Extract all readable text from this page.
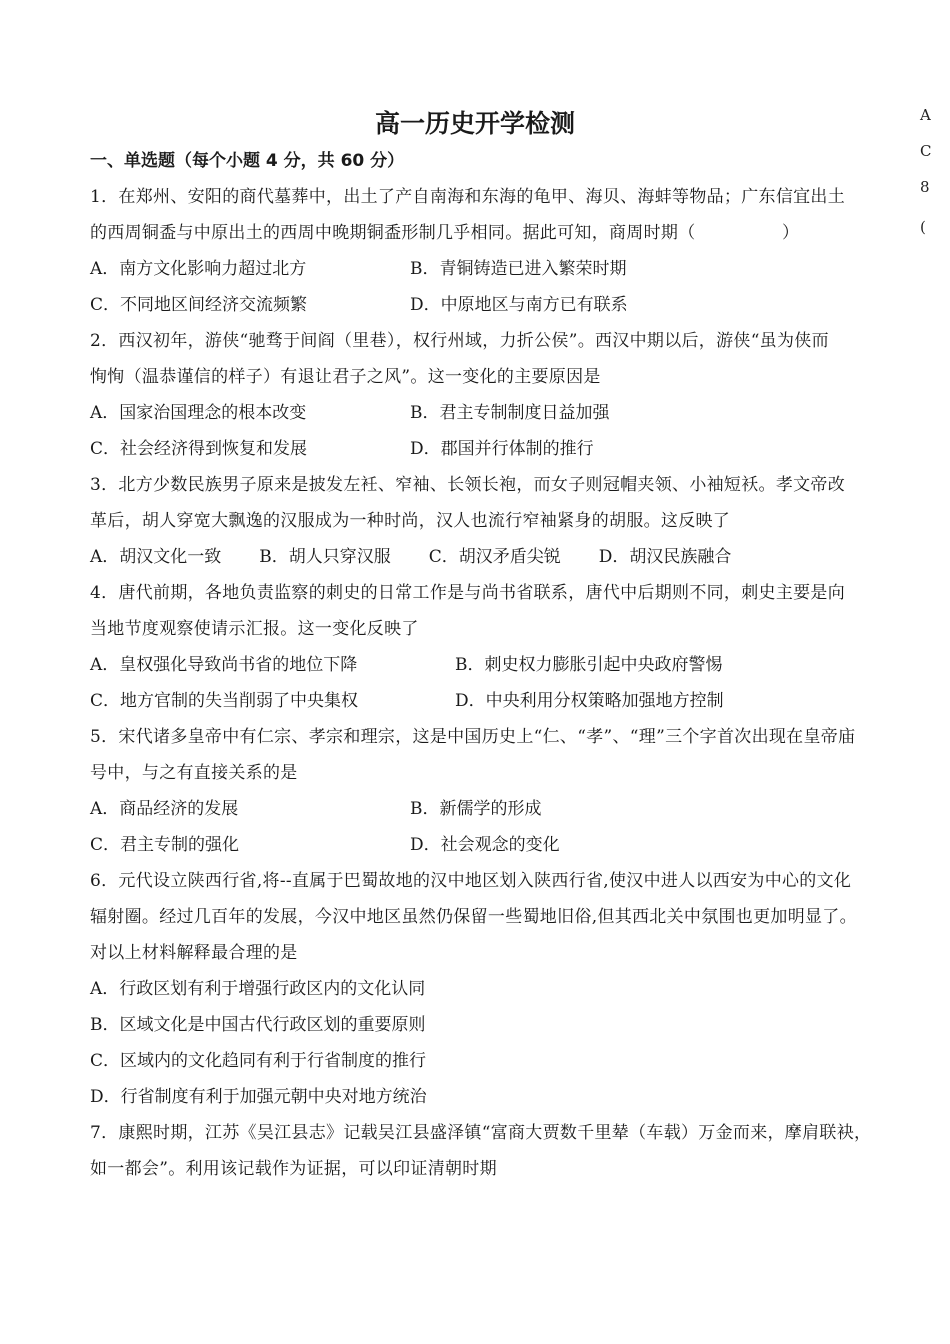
高一历史开学检测	A
C
8
(
一、单选题（每个小题 4 分，共 60 分）
1．在郑州、安阳的商代墓葬中，出土了产自南海和东海的龟甲、海贝、海蚌等物品；广东信宜出土
的西周铜盉与中原出土的西周中晚期铜盉形制几乎相同。据此可知，商周时期（　　　　　）
A．南方文化影响力超过北方	B．青铜铸造已进入繁荣时期
C．不同地区间经济交流频繁	D．中原地区与南方已有联系
2．西汉初年，游侠“驰骛于间阎（里巷），权行州域，力折公侯”。西汉中期以后，游侠“虽为侠而
恂恂（温恭谨信的样子）有退让君子之风”。这一变化的主要原因是
A．国家治国理念的根本改变	B．君主专制制度日益加强
C．社会经济得到恢复和发展	D．郡国并行体制的推行
3．北方少数民族男子原来是披发左衽、窄袖、长领长袍，而女子则冠帽夹领、小袖短袄。孝文帝改
革后，胡人穿宽大飘逸的汉服成为一种时尚，汉人也流行窄袖紧身的胡服。这反映了
A．胡汉文化一致 B．胡人只穿汉服 C．胡汉矛盾尖锐 D．胡汉民族融合
4．唐代前期，各地负责监察的刺史的日常工作是与尚书省联系，唐代中后期则不同，刺史主要是向
当地节度观察使请示汇报。这一变化反映了
A．皇权强化导致尚书省的地位下降	B．刺史权力膨胀引起中央政府警惕
C．地方官制的失当削弱了中央集权	D．中央利用分权策略加强地方控制
5．宋代诸多皇帝中有仁宗、孝宗和理宗，这是中国历史上“仁、“孝”、“理”三个字首次出现在皇帝庙
号中，与之有直接关系的是
A．商品经济的发展	B．新儒学的形成
C．君主专制的强化	D．社会观念的变化
6．元代设立陕西行省,将--直属于巴蜀故地的汉中地区划入陕西行省,使汉中进人以西安为中心的文化
辐射圈。经过几百年的发展，今汉中地区虽然仍保留一些蜀地旧俗,但其西北关中氛围也更加明显了。
对以上材料解释最合理的是
A．行政区划有利于增强行政区内的文化认同
B．区域文化是中国古代行政区划的重要原则
C．区域内的文化趋同有利于行省制度的推行
D．行省制度有利于加强元朝中央对地方统治
7．康熙时期，江苏《吴江县志》记载吴江县盛泽镇“富商大贾数千里辇（车载）万金而来，摩肩联袂，
如一都会”。利用该记载作为证据，可以印证清朝时期
